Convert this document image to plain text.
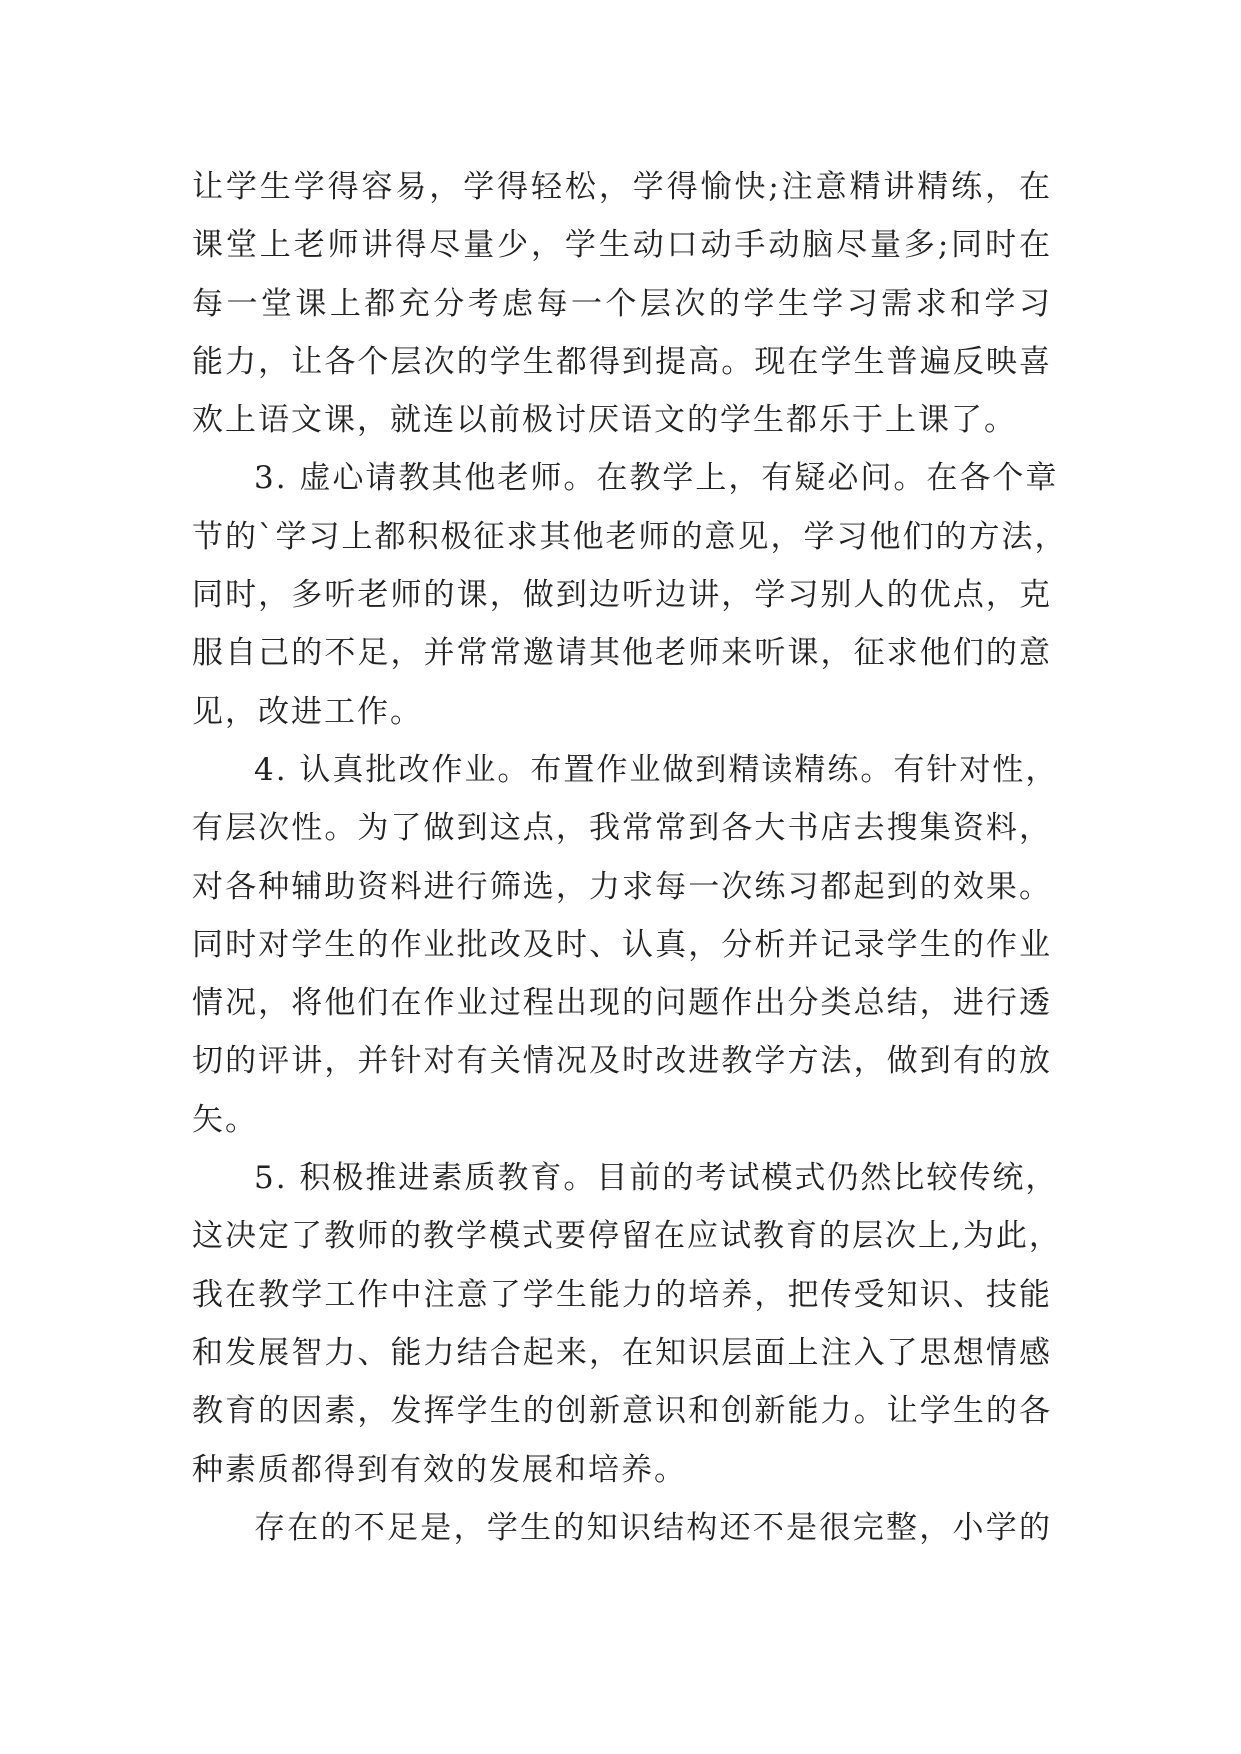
让学生学得容易，学得轻松，学得愉快;注意精讲精练，在
课堂上老师讲得尽量少，学生动口动手动脑尽量多;同时在
每一堂课上都充分考虑每一个层次的学生学习需求和学习
能力，让各个层次的学生都得到提高。现在学生普遍反映喜
欢上语文课，就连以前极讨厌语文的学生都乐于上课了。
3. 虚心请教其他老师。在教学上，有疑必问。在各个章
节的`学习上都积极征求其他老师的意见，学习他们的方法，
同时，多听老师的课，做到边听边讲，学习别人的优点，克
服自己的不足，并常常邀请其他老师来听课，征求他们的意
见，改进工作。
4. 认真批改作业。布置作业做到精读精练。有针对性，
有层次性。为了做到这点，我常常到各大书店去搜集资料，
对各种辅助资料进行筛选，力求每一次练习都起到的效果。
同时对学生的作业批改及时、认真，分析并记录学生的作业
情况，将他们在作业过程出现的问题作出分类总结，进行透
切的评讲，并针对有关情况及时改进教学方法，做到有的放
矢。
5. 积极推进素质教育。目前的考试模式仍然比较传统，
这决定了教师的教学模式要停留在应试教育的层次上,为此，
我在教学工作中注意了学生能力的培养，把传受知识、技能
和发展智力、能力结合起来，在知识层面上注入了思想情感
教育的因素，发挥学生的创新意识和创新能力。让学生的各
种素质都得到有效的发展和培养。
存在的不足是，学生的知识结构还不是很完整，小学的
